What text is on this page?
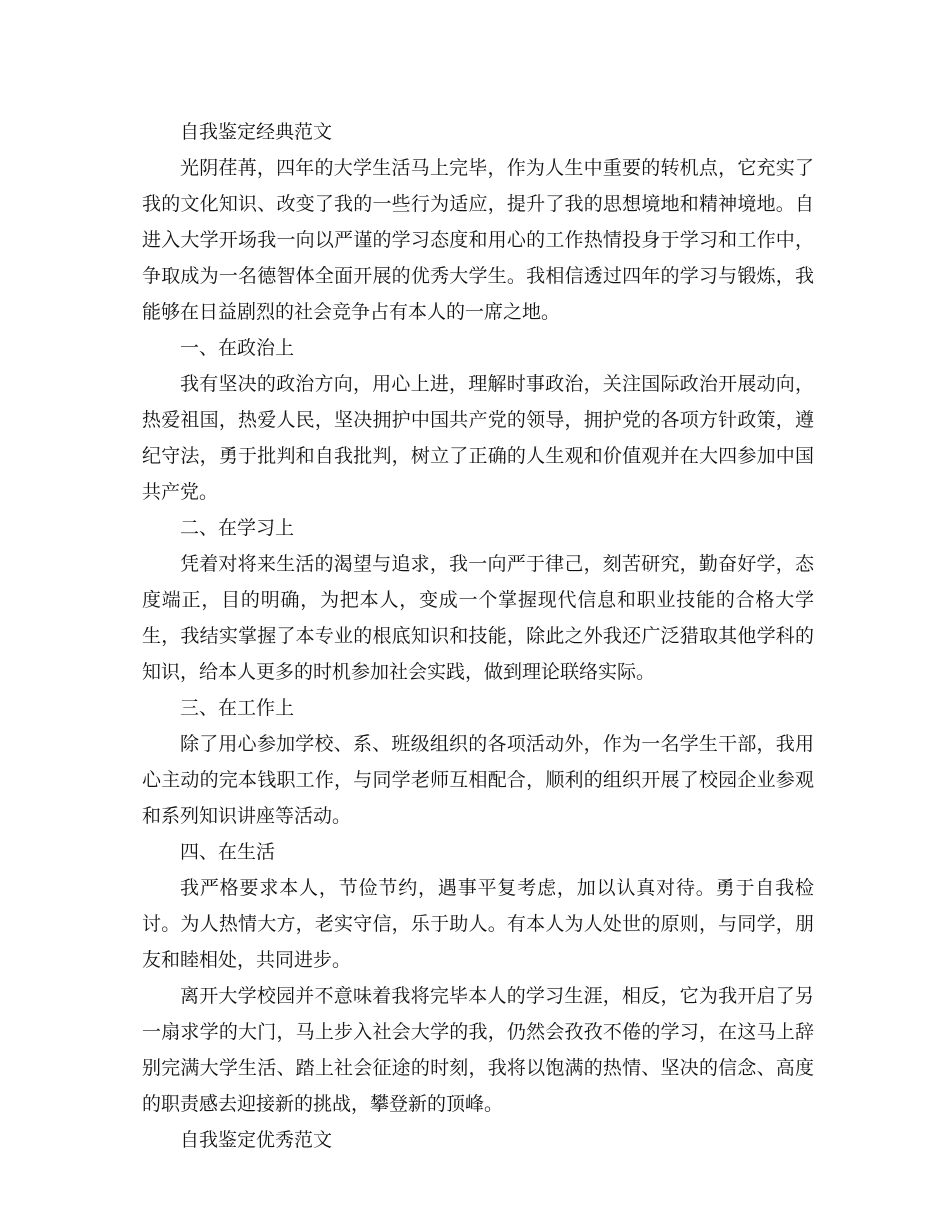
自我鉴定经典范文

光阴荏苒，四年的大学生活马上完毕，作为人生中重要的转机点，它充实了我的文化知识、改变了我的一些行为适应，提升了我的思想境地和精神境地。自进入大学开场我一向以严谨的学习态度和用心的工作热情投身于学习和工作中，争取成为一名德智体全面开展的优秀大学生。我相信透过四年的学习与锻炼，我能够在日益剧烈的社会竞争占有本人的一席之地。

一、在政治上

我有坚决的政治方向，用心上进，理解时事政治，关注国际政治开展动向，热爱祖国，热爱人民，坚决拥护中国共产党的领导，拥护党的各项方针政策，遵纪守法，勇于批判和自我批判，树立了正确的人生观和价值观并在大四参加中国共产党。

二、在学习上

凭着对将来生活的渴望与追求，我一向严于律己，刻苦研究，勤奋好学，态度端正，目的明确，为把本人，变成一个掌握现代信息和职业技能的合格大学生，我结实掌握了本专业的根底知识和技能，除此之外我还广泛猎取其他学科的知识，给本人更多的时机参加社会实践，做到理论联络实际。

三、在工作上

除了用心参加学校、系、班级组织的各项活动外，作为一名学生干部，我用心主动的完本钱职工作，与同学老师互相配合，顺利的组织开展了校园企业参观和系列知识讲座等活动。

四、在生活

我严格要求本人，节俭节约，遇事平复考虑，加以认真对待。勇于自我检讨。为人热情大方，老实守信，乐于助人。有本人为人处世的原则，与同学，朋友和睦相处，共同进步。

离开大学校园并不意味着我将完毕本人的学习生涯，相反，它为我开启了另一扇求学的大门，马上步入社会大学的我，仍然会孜孜不倦的学习，在这马上辞别完满大学生活、踏上社会征途的时刻，我将以饱满的热情、坚决的信念、高度的职责感去迎接新的挑战，攀登新的顶峰。

自我鉴定优秀范文
